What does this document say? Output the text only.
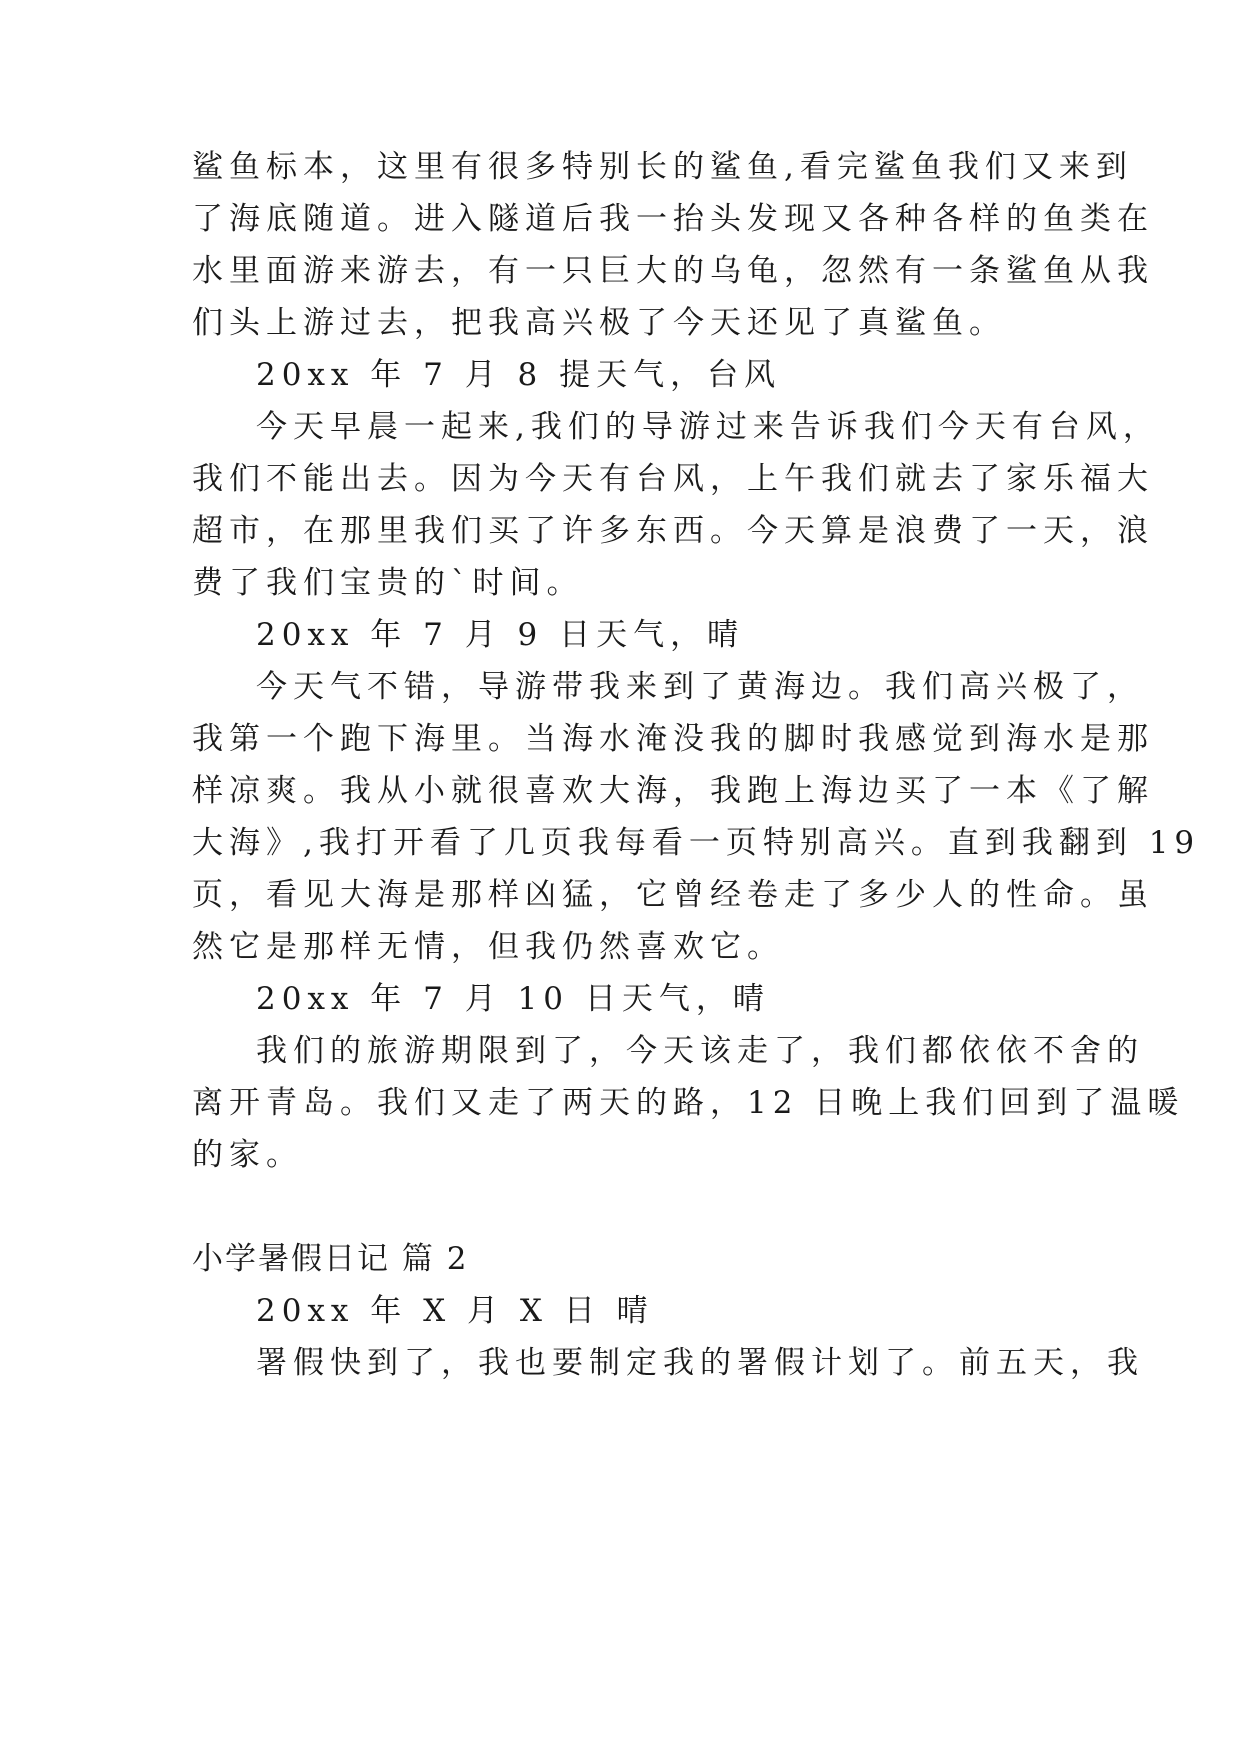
鲨鱼标本，这里有很多特别长的鲨鱼,看完鲨鱼我们又来到
了海底随道。进入隧道后我一抬头发现又各种各样的鱼类在
水里面游来游去，有一只巨大的乌龟，忽然有一条鲨鱼从我
们头上游过去，把我高兴极了今天还见了真鲨鱼。
20xx 年 7 月 8 提天气，台风
今天早晨一起来,我们的导游过来告诉我们今天有台风，
我们不能出去。因为今天有台风，上午我们就去了家乐福大
超市，在那里我们买了许多东西。今天算是浪费了一天，浪
费了我们宝贵的`时间。
20xx 年 7 月 9 日天气，晴
今天气不错，导游带我来到了黄海边。我们高兴极了，
我第一个跑下海里。当海水淹没我的脚时我感觉到海水是那
样凉爽。我从小就很喜欢大海，我跑上海边买了一本《了解
大海》,我打开看了几页我每看一页特别高兴。直到我翻到 19
页，看见大海是那样凶猛，它曾经卷走了多少人的性命。虽
然它是那样无情，但我仍然喜欢它。
20xx 年 7 月 10 日天气，晴
我们的旅游期限到了，今天该走了，我们都依依不舍的
离开青岛。我们又走了两天的路，12 日晚上我们回到了温暖
的家。
小学暑假日记 篇 2
20xx 年 X 月 X 日 晴
署假快到了，我也要制定我的署假计划了。前五天，我
